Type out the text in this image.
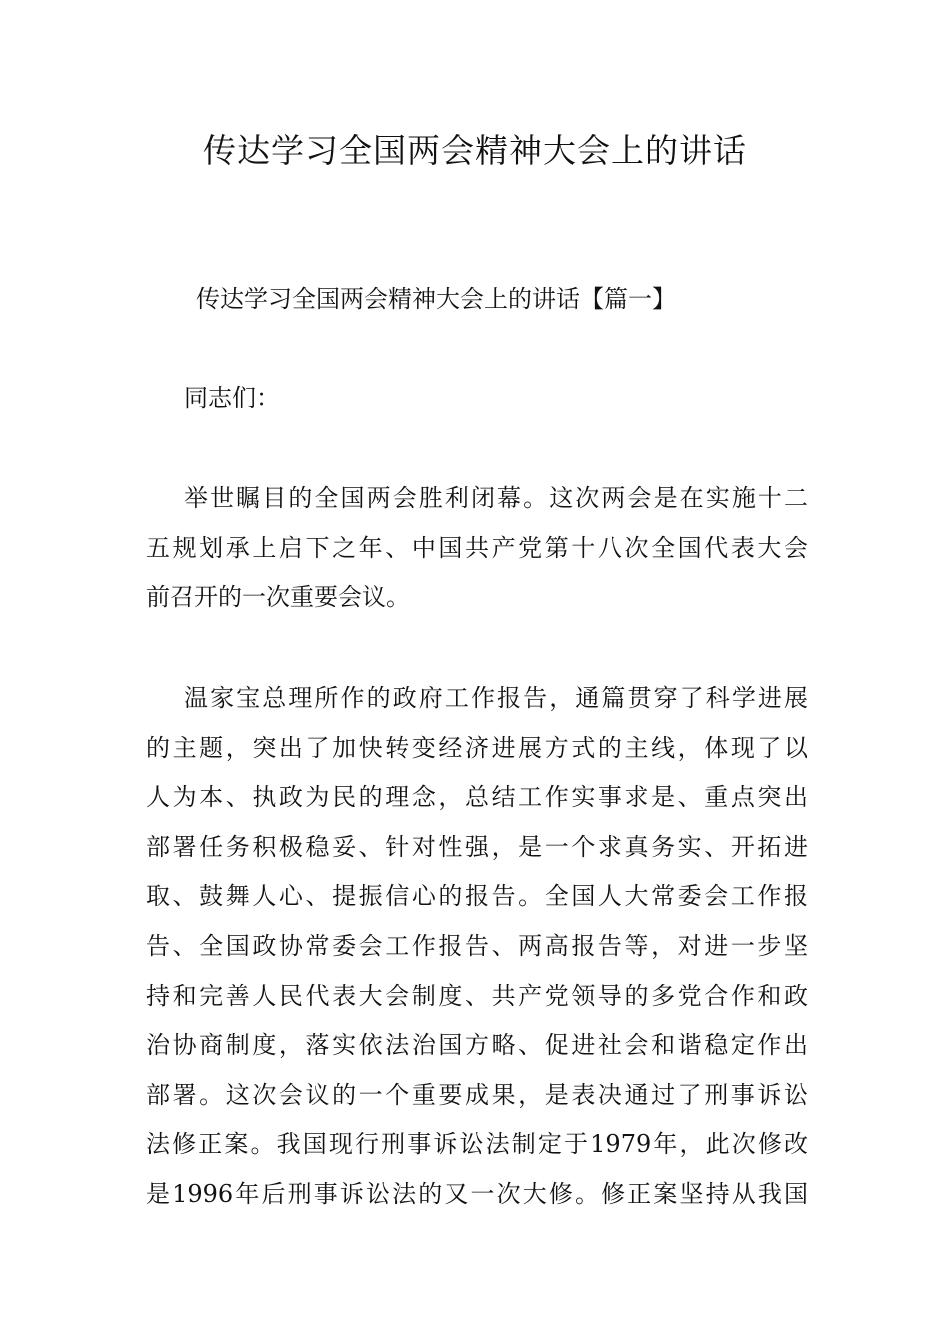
传达学习全国两会精神大会上的讲话

传达学习全国两会精神大会上的讲话【篇一】

同志们：

举世瞩目的全国两会胜利闭幕。这次两会是在实施十二
五规划承上启下之年、中国共产党第十八次全国代表大会
前召开的一次重要会议。

温家宝总理所作的政府工作报告，通篇贯穿了科学进展
的主题，突出了加快转变经济进展方式的主线，体现了以
人为本、执政为民的理念，总结工作实事求是、重点突出
部署任务积极稳妥、针对性强，是一个求真务实、开拓进
取、鼓舞人心、提振信心的报告。全国人大常委会工作报
告、全国政协常委会工作报告、两高报告等，对进一步坚
持和完善人民代表大会制度、共产党领导的多党合作和政
治协商制度，落实依法治国方略、促进社会和谐稳定作出
部署。这次会议的一个重要成果，是表决通过了刑事诉讼
法修正案。我国现行刑事诉讼法制定于1979年，此次修改
是1996年后刑事诉讼法的又一次大修。修正案坚持从我国
